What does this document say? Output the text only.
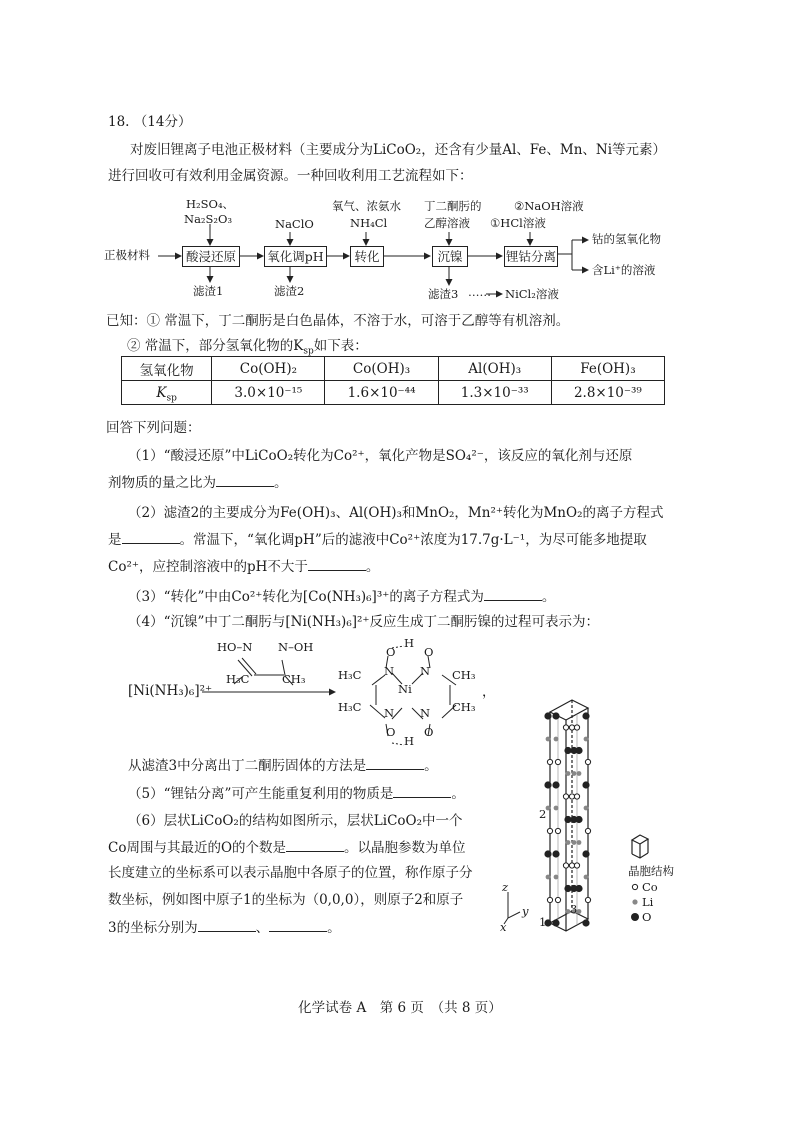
18. （14分）
对废旧锂离子电池正极材料（主要成分为LiCoO₂，还含有少量Al、Fe、Mn、Ni等元素）
进行回收可有效利用金属资源。一种回收利用工艺流程如下：
正极材料	酸浸还原	氧化调pH	转化	沉镍	锂钴分离
H₂SO₄、
Na₂S₂O₃	NaClO
氧气、浓氨水
NH₄Cl
丁二酮肟的
乙醇溶液
②NaOH溶液
①HCl溶液
滤渣1	滤渣2	滤渣3 …… NiCl₂溶液
钴的氢氧化物
含Li⁺的溶液
已知：① 常温下，丁二酮肟是白色晶体，不溶于水，可溶于乙醇等有机溶剂。
② 常温下，部分氢氧化物的$K_{sp}$如下表：
氢氧化物	Co(OH)₂	Co(OH)₃	Al(OH)₃	Fe(OH)₃
$K_{sp}$	3.0×10⁻¹⁵	1.6×10⁻⁴⁴	1.3×10⁻³³	2.8×10⁻³⁹
回答下列问题：
（1）“酸浸还原”中LiCoO₂转化为Co²⁺，氧化产物是SO₄²⁻，该反应的氧化剂与还原
剂物质的量之比为	。
（2）滤渣2的主要成分为Fe(OH)₃、Al(OH)₃和MnO₂，Mn²⁺转化为MnO₂的离子方程式
是	。常温下，“氧化调pH”后的滤液中Co²⁺浓度为17.7g·L⁻¹，为尽可能多地提取
Co²⁺，应控制溶液中的pH不大于	。
（3）“转化”中由Co²⁺转化为[Co(NH₃)₆]³⁺的离子方程式为	。
（4）“沉镍”中丁二酮肟与[Ni(NH₃)₆]²⁺反应生成丁二酮肟镍的过程可表示为：
HO–N N–OH
H₃C	CH₃
[Ni(NH₃)₆]²⁺
H₃C
H₃C
CH₃
CH₃
Ni
N
N
N
N
O O
O O
H
H
，
从滤渣3中分离出丁二酮肟固体的方法是	。
（5）“锂钴分离”可产生能重复利用的物质是	。
（6）层状LiCoO₂的结构如图所示，层状LiCoO₂中一个
Co周围与其最近的O的个数是	。以晶胞参数为单位
长度建立的坐标系可以表示晶胞中各原子的位置，称作原子分
数坐标，例如图中原子1的坐标为（0,0,0），则原子2和原子
3的坐标分别为	、	。
晶胞结构
Co
Li
O
2
1
3
z
y
x
化学试卷 A　第 6 页　（共 8 页）
